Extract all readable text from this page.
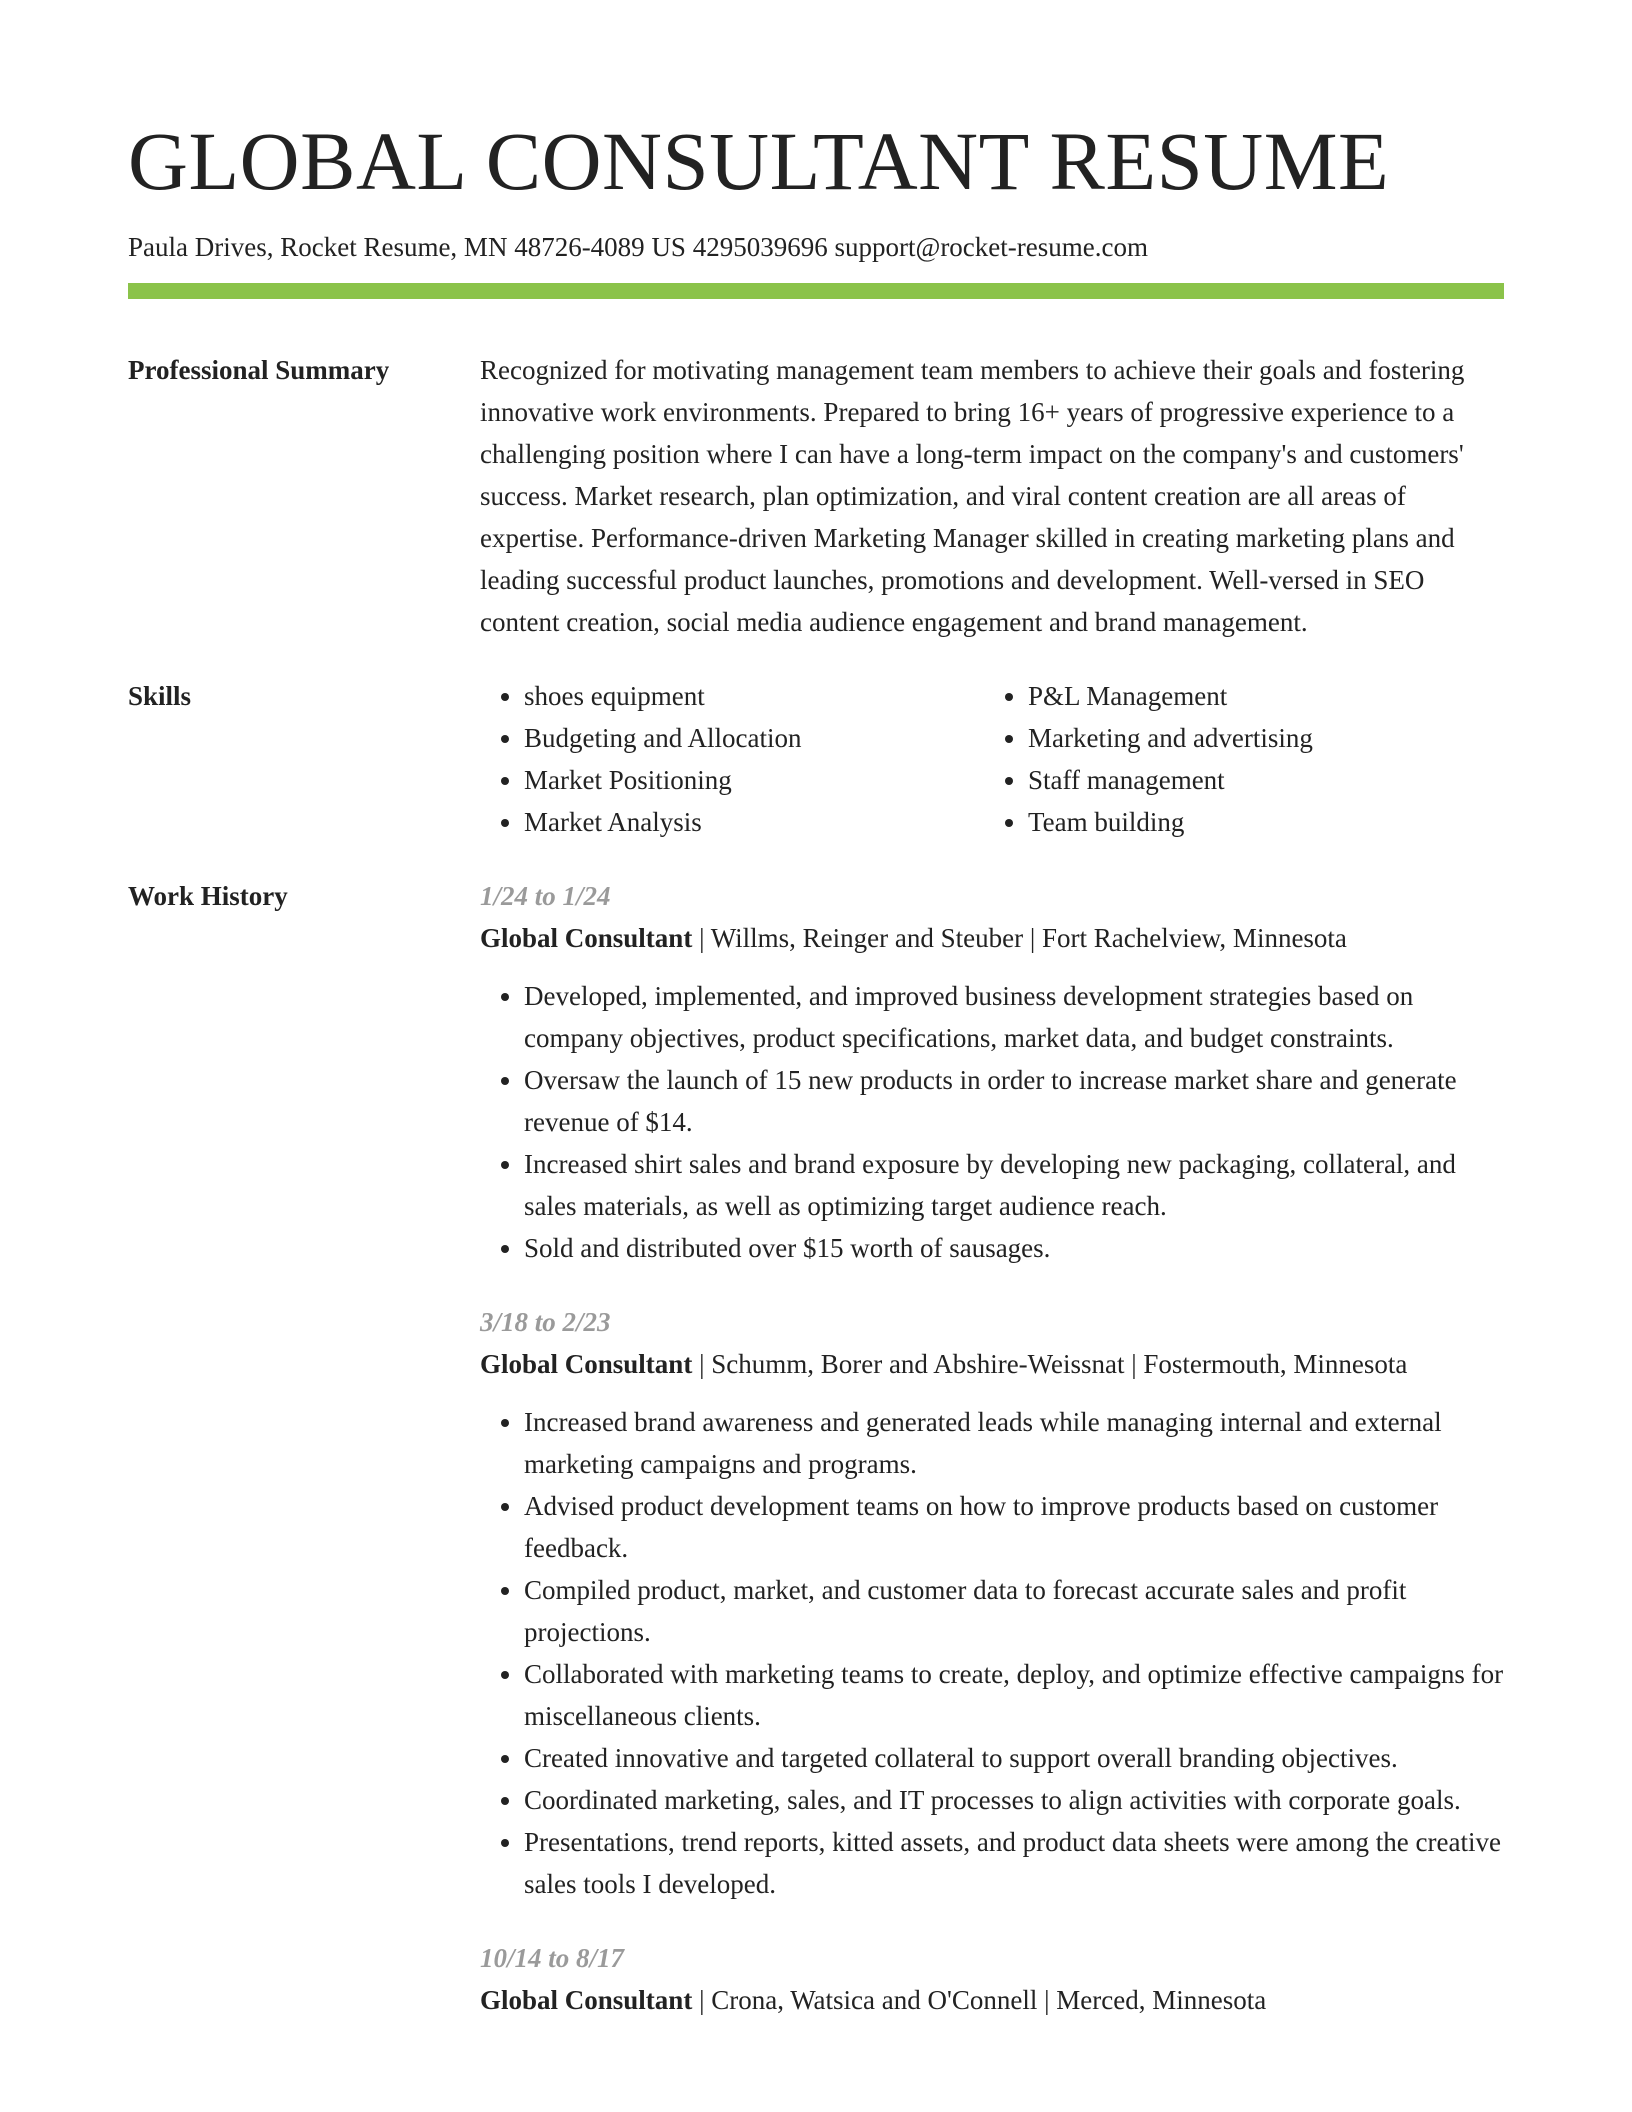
GLOBAL CONSULTANT RESUME
Paula Drives, Rocket Resume, MN 48726-4089 US 4295039696 support@rocket-resume.com
Professional Summary	Recognized for motivating management team members to achieve their goals and fostering innovative work environments. Prepared to bring 16+ years of progressive experience to a challenging position where I can have a long-term impact on the company's and customers' success. Market research, plan optimization, and viral content creation are all areas of expertise. Performance-driven Marketing Manager skilled in creating marketing plans and leading successful product launches, promotions and development. Well-versed in SEO content creation, social media audience engagement and brand management.

Skills
•	shoes equipment
• Budgeting and Allocation
• Market Positioning
• Market Analysis
• P&L Management
• Marketing and advertising
• Staff management
• Team building
Work History	1/24 to 1/24
Global Consultant | Willms, Reinger and Steuber | Fort Rachelview, Minnesota
• Developed, implemented, and improved business development strategies based on company objectives, product specifications, market data, and budget constraints.
• Oversaw the launch of 15 new products in order to increase market share and generate revenue of $14.
• Increased shirt sales and brand exposure by developing new packaging, collateral, and sales materials, as well as optimizing target audience reach.
• Sold and distributed over $15 worth of sausages.
3/18 to 2/23
Global Consultant | Schumm, Borer and Abshire-Weissnat | Fostermouth, Minnesota
• Increased brand awareness and generated leads while managing internal and external marketing campaigns and programs.
• Advised product development teams on how to improve products based on customer feedback.
• Compiled product, market, and customer data to forecast accurate sales and profit projections.
• Collaborated with marketing teams to create, deploy, and optimize effective campaigns for miscellaneous clients.
• Created innovative and targeted collateral to support overall branding objectives.
• Coordinated marketing, sales, and IT processes to align activities with corporate goals.
• Presentations, trend reports, kitted assets, and product data sheets were among the creative sales tools I developed.
10/14 to 8/17
Global Consultant | Crona, Watsica and O'Connell | Merced, Minnesota
